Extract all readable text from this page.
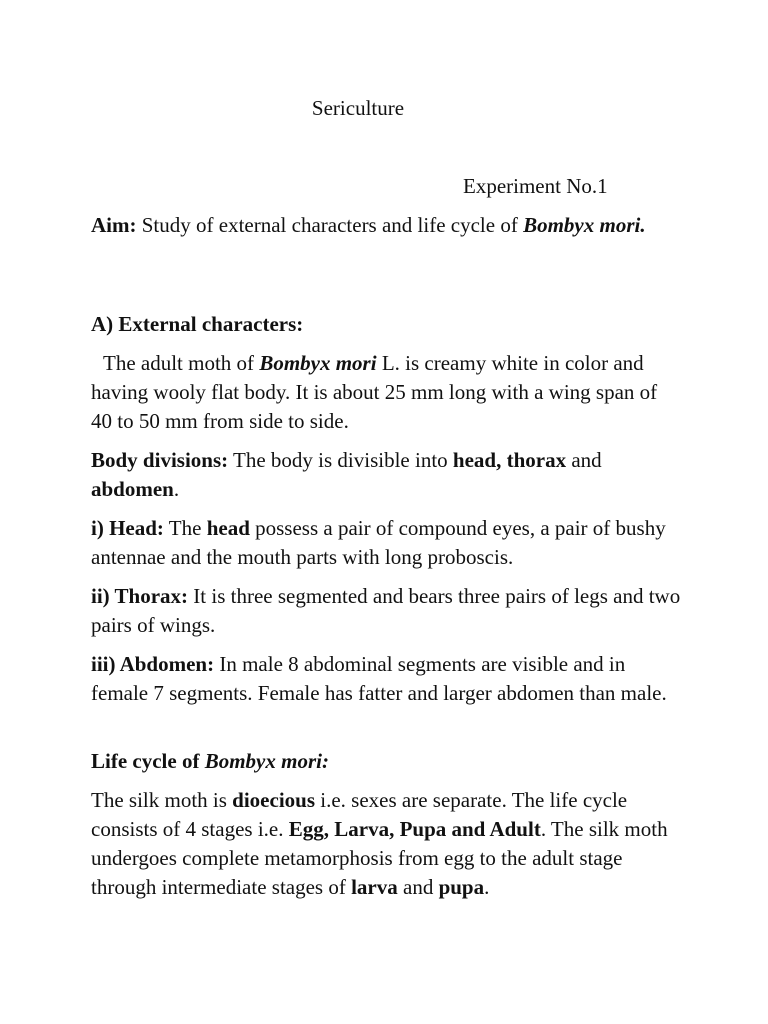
Sericulture

Experiment No.1

Aim: Study of external characters and life cycle of Bombyx mori.

A) External characters:

The adult moth of Bombyx mori L. is creamy white in color and having wooly flat body. It is about 25 mm long with a wing span of 40 to 50 mm from side to side.

Body divisions: The body is divisible into head, thorax and abdomen.

i) Head: The head possess a pair of compound eyes, a pair of bushy antennae and the mouth parts with long proboscis.

ii) Thorax: It is three segmented and bears three pairs of legs and two pairs of wings.

iii) Abdomen: In male 8 abdominal segments are visible and in female 7 segments. Female has fatter and larger abdomen than male.

Life cycle of Bombyx mori:

The silk moth is dioecious i.e. sexes are separate. The life cycle consists of 4 stages i.e. Egg, Larva, Pupa and Adult. The silk moth undergoes complete metamorphosis from egg to the adult stage through intermediate stages of larva and pupa.
